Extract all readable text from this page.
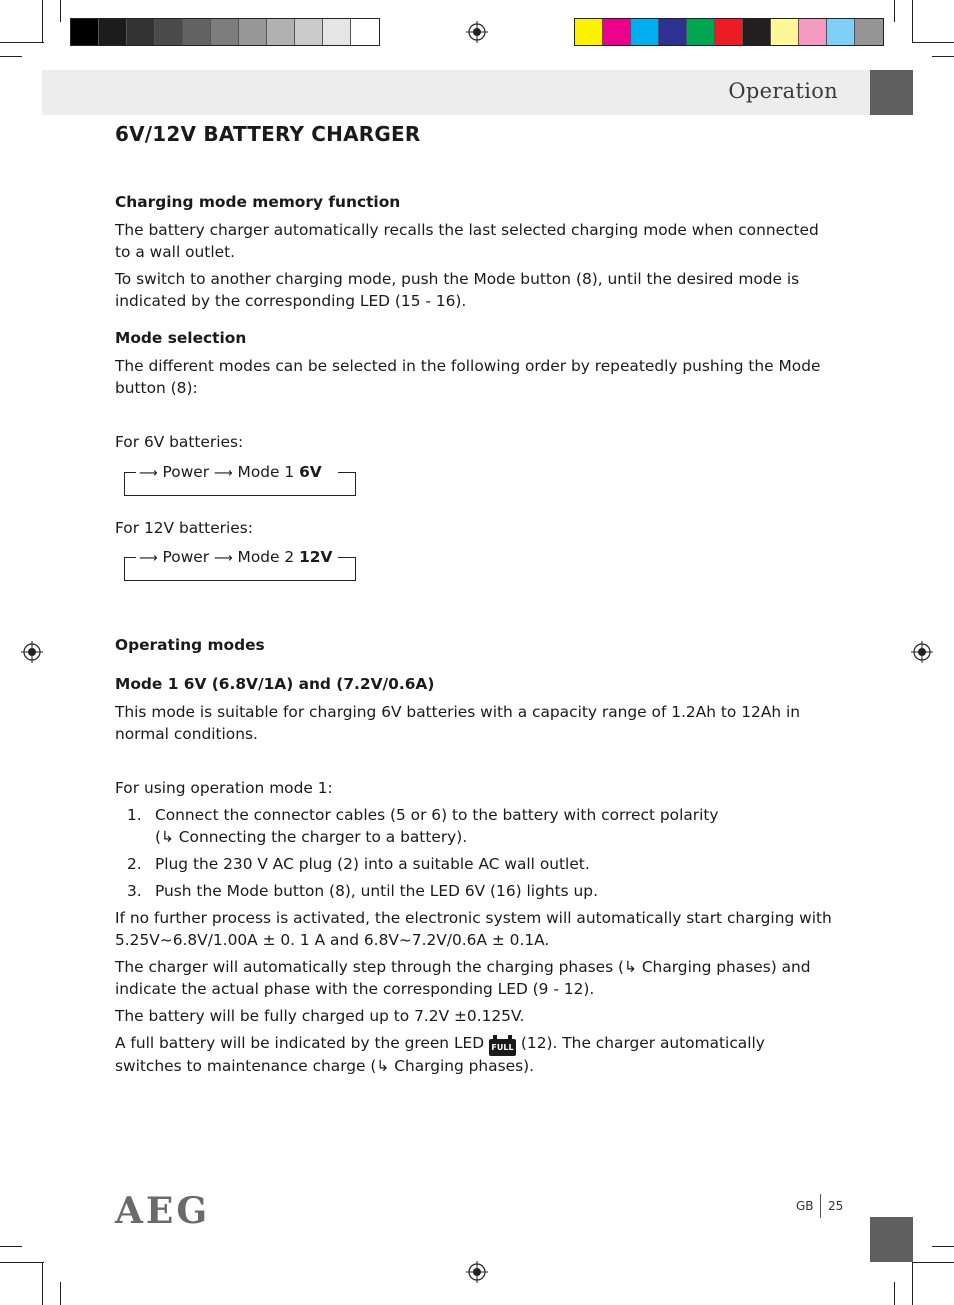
Operation
6V/12V BATTERY CHARGER
Charging mode memory function
The battery charger automatically recalls the last selected charging mode when connected to a wall outlet.
To switch to another charging mode, push the Mode button (8), until the desired mode is indicated by the corresponding LED (15 - 16).
Mode selection
The different modes can be selected in the following order by repeatedly pushing the Mode button (8):
For 6V batteries:
⟶ Power ⟶ Mode 1 6V
For 12V batteries:
⟶ Power ⟶ Mode 2 12V
Operating modes
Mode 1 6V (6.8V/1A) and (7.2V/0.6A)
This mode is suitable for charging 6V batteries with a capacity range of 1.2Ah to 12Ah in normal conditions.
For using operation mode 1:
1. Connect the connector cables (5 or 6) to the battery with correct polarity
(↳ Connecting the charger to a battery).
2. Plug the 230 V AC plug (2) into a suitable AC wall outlet.
3. Push the Mode button (8), until the LED 6V (16) lights up.
If no further process is activated, the electronic system will automatically start charging with 5.25V~6.8V/1.00A ± 0. 1 A and 6.8V~7.2V/0.6A ± 0.1A.
The charger will automatically step through the charging phases (↳ Charging phases) and indicate the actual phase with the corresponding LED (9 - 12).
The battery will be fully charged up to 7.2V ±0.125V.
A full battery will be indicated by the green LED FULL (12). The charger automatically switches to maintenance charge (↳ Charging phases).
AEG	GB 25
